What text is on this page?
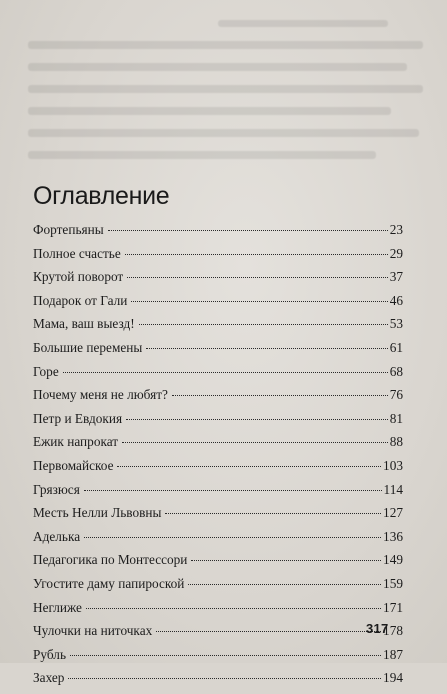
Оглавление
Фортепьяны	23
Полное счастье	29
Крутой поворот	37
Подарок от Гали	46
Мама, ваш выезд!	53
Большие перемены	61
Горе	68
Почему меня не любят?	76
Петр и Евдокия	81
Ежик напрокат	88
Первомайское	103
Грязюся	114
Месть Нелли Львовны	127
Аделька	136
Педагогика по Монтессори	149
Угостите даму папироской	159
Неглиже	171
Чулочки на ниточках	178
Рубль	187
Захер	194
317
